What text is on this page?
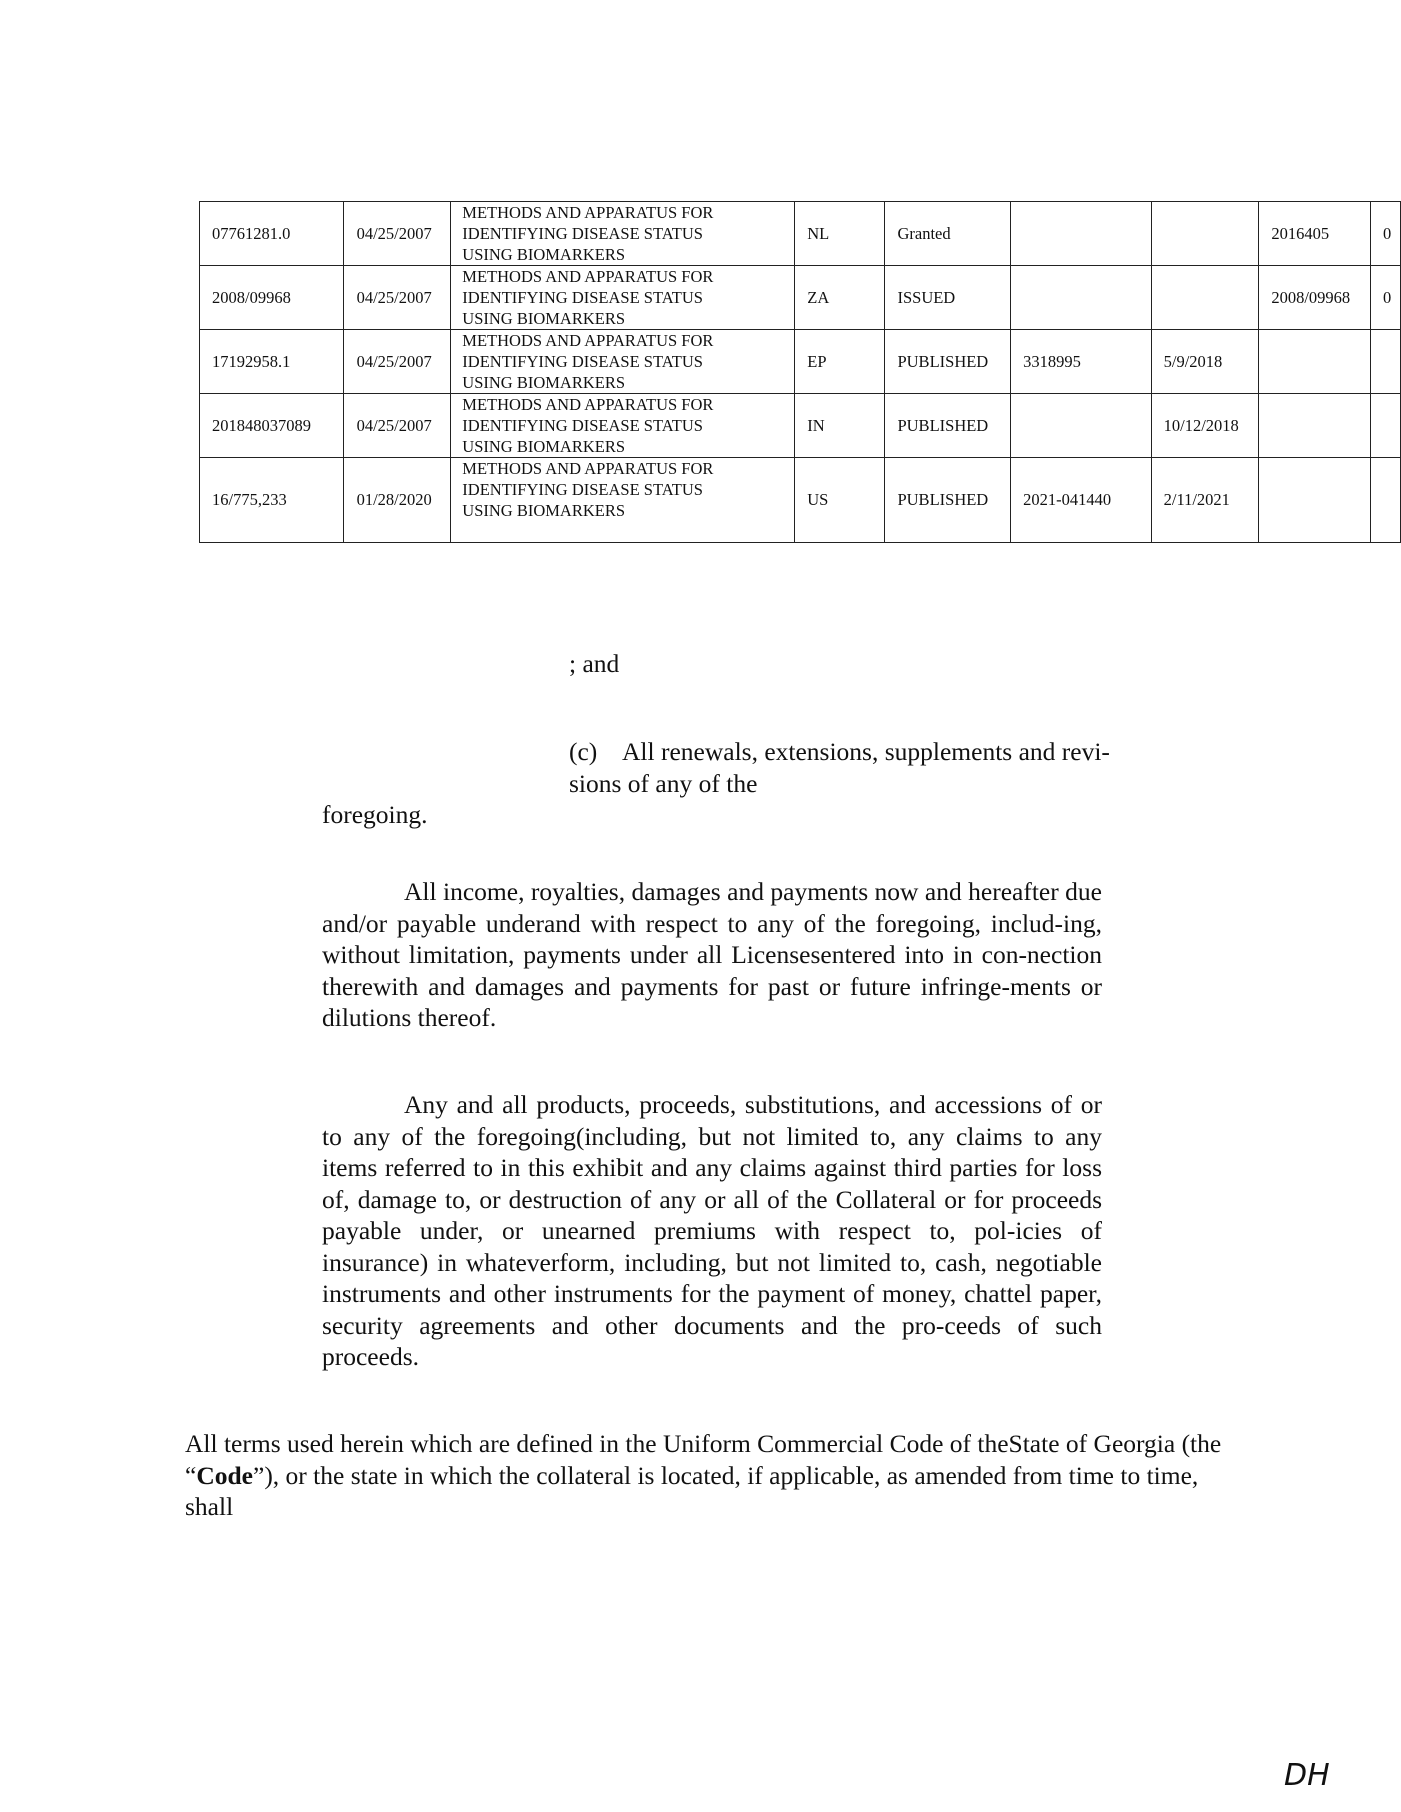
07761281.0	04/25/2007	METHODS AND APPARATUS FOR
IDENTIFYING DISEASE STATUS
USING BIOMARKERS	NL	Granted			2016405	0
2008/09968	04/25/2007	METHODS AND APPARATUS FOR
IDENTIFYING DISEASE STATUS
USING BIOMARKERS	ZA	ISSUED			2008/09968	0
17192958.1	04/25/2007	METHODS AND APPARATUS FOR
IDENTIFYING DISEASE STATUS
USING BIOMARKERS	EP	PUBLISHED	3318995	5/9/2018		
201848037089	04/25/2007	METHODS AND APPARATUS FOR
IDENTIFYING DISEASE STATUS
USING BIOMARKERS	IN	PUBLISHED		10/12/2018		
16/775,233	01/28/2020	METHODS AND APPARATUS FOR
IDENTIFYING DISEASE STATUS
USING BIOMARKERS	US	PUBLISHED	2021-041440	2/11/2021		
; and
(c) All renewals, extensions, supplements and revi-
sions of any of the
foregoing.

All income, royalties, damages and payments now and hereafter due and/or payable underand with respect to any of the foregoing, includ-ing, without limitation, payments under all Licensesentered into in con-nection therewith and damages and payments for past or future infringe-ments or dilutions thereof.

Any and all products, proceeds, substitutions, and accessions of or to any of the foregoing(including, but not limited to, any claims to any items referred to in this exhibit and any claims against third parties for loss of, damage to, or destruction of any or all of the Collateral or for proceeds payable under, or unearned premiums with respect to, pol-icies of insurance) in whateverform, including, but not limited to, cash, negotiable instruments and other instruments for the payment of money, chattel paper, security agreements and other documents and the pro-ceeds of such proceeds.

All terms used herein which are defined in the Uniform Commercial Code of theState of Georgia (the “Code”), or the state in which the collateral is located, if applicable, as amended from time to time, shall

DH
